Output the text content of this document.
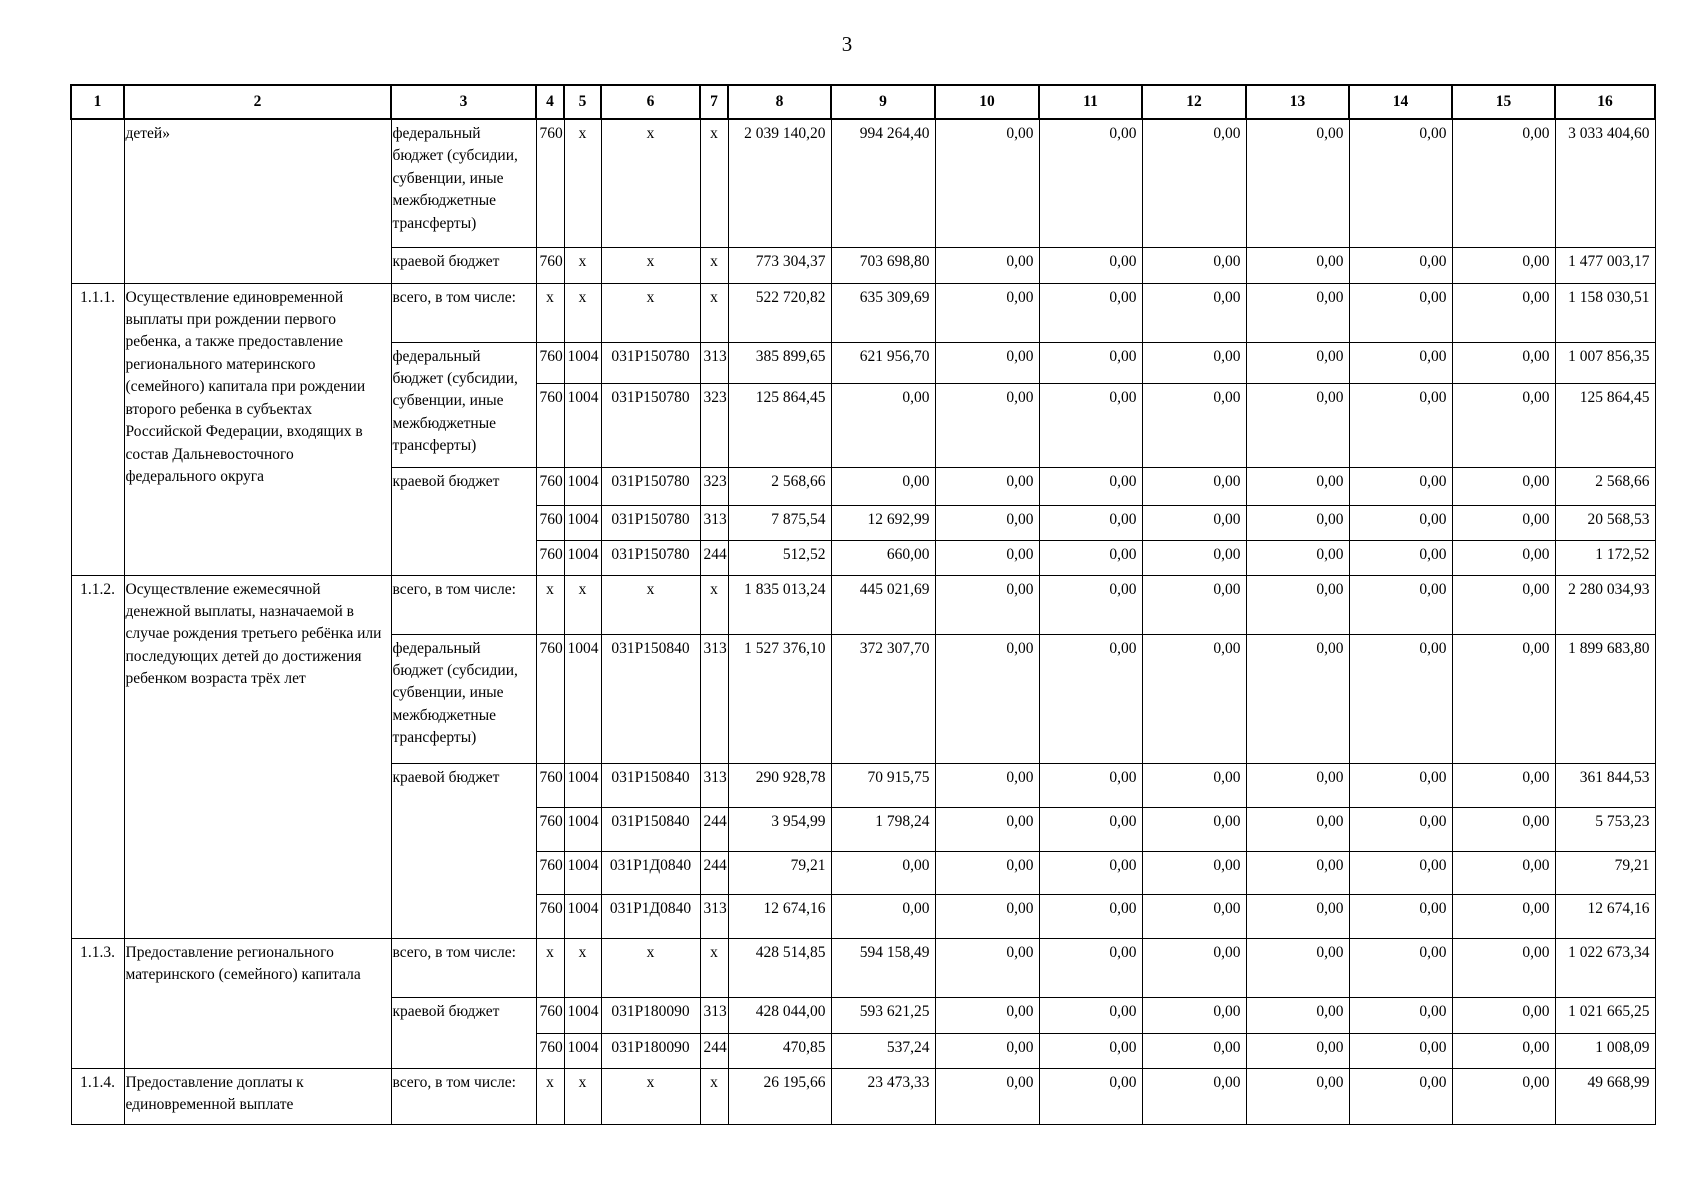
3
1	2	3	4	5	6	7	8	9	10	11	12	13	14	15	16
	детей»	федеральный бюджет (субсидии, субвенции, иные межбюджетные трансферты)	760	x	x	x	2 039 140,20	994 264,40	0,00	0,00	0,00	0,00	0,00	0,00	3 033 404,60
		краевой бюджет	760	x	x	x	773 304,37	703 698,80	0,00	0,00	0,00	0,00	0,00	0,00	1 477 003,17
1.1.1.	Осуществление единовременной выплаты при рождении первого ребенка, а также предоставление регионального материнского (семейного) капитала при рождении второго ребенка в субъектах Российской Федерации, входящих в состав Дальневосточного федерального округа	всего, в том числе:	x	x	x	x	522 720,82	635 309,69	0,00	0,00	0,00	0,00	0,00	0,00	1 158 030,51
		федеральный бюджет (субсидии, субвенции, иные межбюджетные трансферты)	760	1004	031P150780	313	385 899,65	621 956,70	0,00	0,00	0,00	0,00	0,00	0,00	1 007 856,35
			760	1004	031P150780	323	125 864,45	0,00	0,00	0,00	0,00	0,00	0,00	0,00	125 864,45
		краевой бюджет	760	1004	031P150780	323	2 568,66	0,00	0,00	0,00	0,00	0,00	0,00	0,00	2 568,66
			760	1004	031P150780	313	7 875,54	12 692,99	0,00	0,00	0,00	0,00	0,00	0,00	20 568,53
			760	1004	031P150780	244	512,52	660,00	0,00	0,00	0,00	0,00	0,00	0,00	1 172,52
1.1.2.	Осуществление ежемесячной денежной выплаты, назначаемой в случае рождения третьего ребёнка или последующих детей до достижения ребенком возраста трёх лет	всего, в том числе:	x	x	x	x	1 835 013,24	445 021,69	0,00	0,00	0,00	0,00	0,00	0,00	2 280 034,93
		федеральный бюджет (субсидии, субвенции, иные межбюджетные трансферты)	760	1004	031P150840	313	1 527 376,10	372 307,70	0,00	0,00	0,00	0,00	0,00	0,00	1 899 683,80
		краевой бюджет	760	1004	031P150840	313	290 928,78	70 915,75	0,00	0,00	0,00	0,00	0,00	0,00	361 844,53
			760	1004	031P150840	244	3 954,99	1 798,24	0,00	0,00	0,00	0,00	0,00	0,00	5 753,23
			760	1004	031P1Д0840	244	79,21	0,00	0,00	0,00	0,00	0,00	0,00	0,00	79,21
			760	1004	031P1Д0840	313	12 674,16	0,00	0,00	0,00	0,00	0,00	0,00	0,00	12 674,16
1.1.3.	Предоставление регионального материнского (семейного) капитала	всего, в том числе:	x	x	x	x	428 514,85	594 158,49	0,00	0,00	0,00	0,00	0,00	0,00	1 022 673,34
		краевой бюджет	760	1004	031P180090	313	428 044,00	593 621,25	0,00	0,00	0,00	0,00	0,00	0,00	1 021 665,25
			760	1004	031P180090	244	470,85	537,24	0,00	0,00	0,00	0,00	0,00	0,00	1 008,09
1.1.4.	Предоставление доплаты к единовременной выплате	всего, в том числе:	x	x	x	x	26 195,66	23 473,33	0,00	0,00	0,00	0,00	0,00	0,00	49 668,99
